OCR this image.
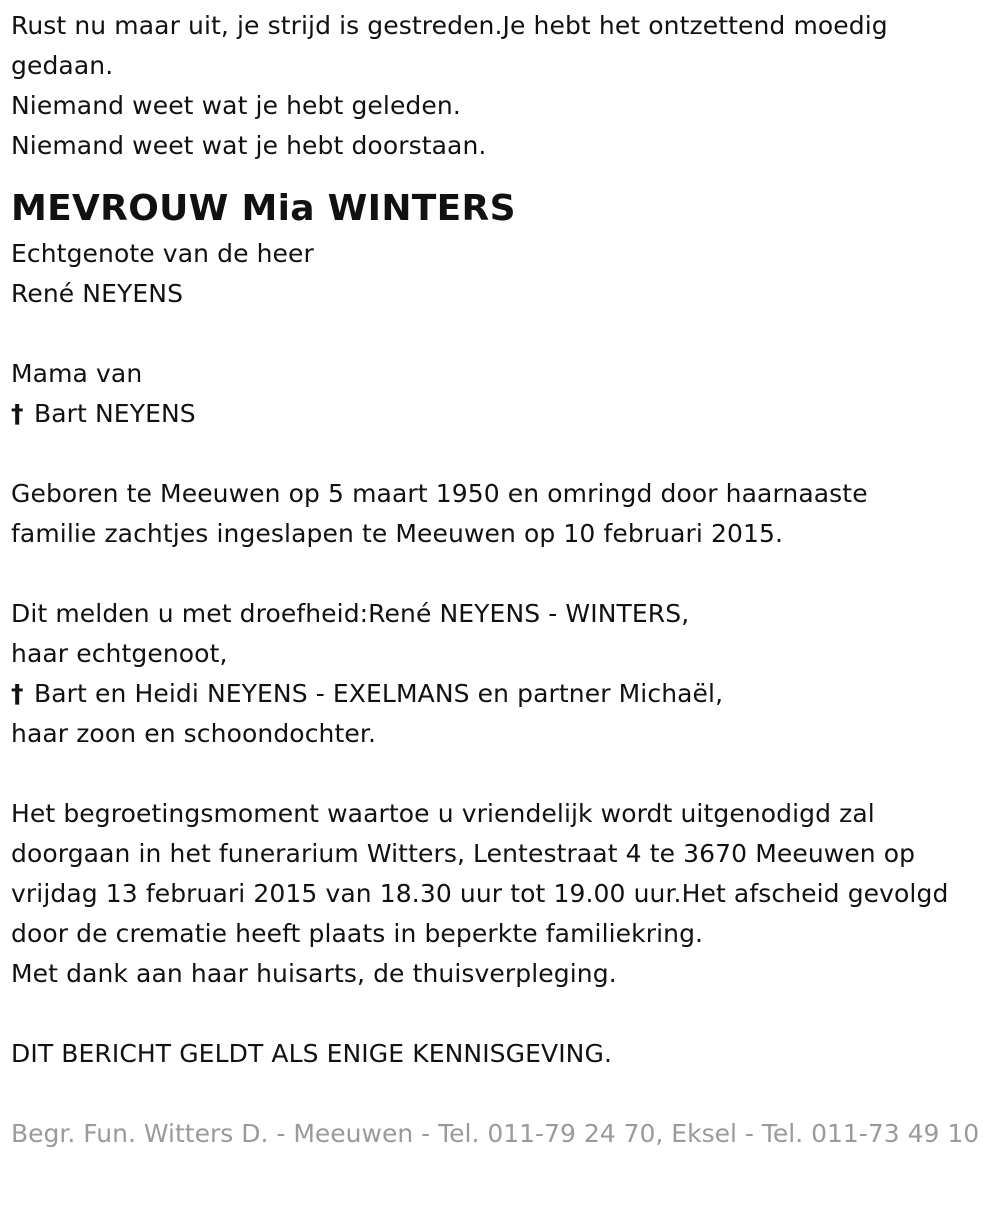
Rust nu maar uit, je strijd is gestreden.Je hebt het ontzettend moedig gedaan.
Niemand weet wat je hebt geleden.
Niemand weet wat je hebt doorstaan.
MEVROUW Mia WINTERS
Echtgenote van de heer
René NEYENS
Mama van
† Bart NEYENS
Geboren te Meeuwen op 5 maart 1950 en omringd door haarnaaste
familie zachtjes ingeslapen te Meeuwen op 10 februari 2015.
Dit melden u met droefheid:René NEYENS - WINTERS,
haar echtgenoot,
† Bart en Heidi NEYENS - EXELMANS en partner Michaël,
haar zoon en schoondochter.
Het begroetingsmoment waartoe u vriendelijk wordt uitgenodigd zal
doorgaan in het funerarium Witters, Lentestraat 4 te 3670 Meeuwen op
vrijdag 13 februari 2015 van 18.30 uur tot 19.00 uur.Het afscheid gevolgd
door de crematie heeft plaats in beperkte familiekring.
Met dank aan haar huisarts, de thuisverpleging.
DIT BERICHT GELDT ALS ENIGE KENNISGEVING.
Begr. Fun. Witters D. - Meeuwen - Tel. 011-79 24 70, Eksel - Tel. 011-73 49 10
